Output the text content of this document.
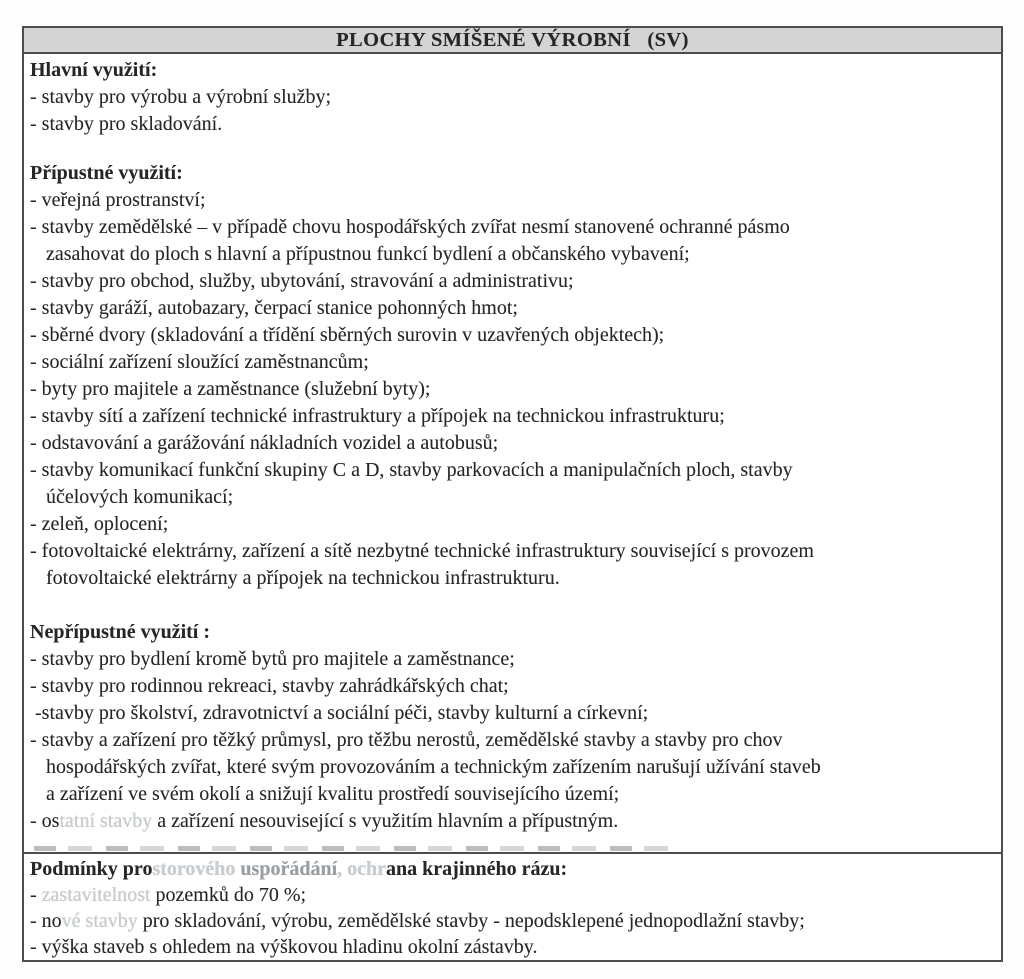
PLOCHY SMÍŠENÉ VÝROBNÍ   (SV)
Hlavní využití:
- stavby pro výrobu a výrobní služby;
- stavby pro skladování.
Přípustné využití:
- veřejná prostranství;
- stavby zemědělské – v případě chovu hospodářských zvířat nesmí stanovené ochranné pásmo
zasahovat do ploch s hlavní a přípustnou funkcí bydlení a občanského vybavení;
- stavby pro obchod, služby, ubytování, stravování a administrativu;
- stavby garáží, autobazary, čerpací stanice pohonných hmot;
- sběrné dvory (skladování a třídění sběrných surovin v uzavřených objektech);
- sociální zařízení sloužící zaměstnancům;
- byty pro majitele a zaměstnance (služební byty);
- stavby sítí a zařízení technické infrastruktury a přípojek na technickou infrastrukturu;
- odstavování a garážování nákladních vozidel a autobusů;
- stavby komunikací funkční skupiny C a D, stavby parkovacích a manipulačních ploch, stavby
účelových komunikací;
- zeleň, oplocení;
- fotovoltaické elektrárny, zařízení a sítě nezbytné technické infrastruktury související s provozem
fotovoltaické elektrárny a přípojek na technickou infrastrukturu.
Nepřípustné využití :
- stavby pro bydlení kromě bytů pro majitele a zaměstnance;
- stavby pro rodinnou rekreaci, stavby zahrádkářských chat;
-stavby pro školství, zdravotnictví a sociální péči, stavby kulturní a církevní;
- stavby a zařízení pro těžký průmysl, pro těžbu nerostů, zemědělské stavby a stavby pro chov
hospodářských zvířat, které svým provozováním a technickým zařízením narušují užívání staveb
a zařízení ve svém okolí a snižují kvalitu prostředí souvisejícího území;
- ostatní stavby a zařízení nesouvisející s využitím hlavním a přípustným.
Podmínky prostorového uspořádání, ochrana krajinného rázu:
- zastavitelnost pozemků do 70 %;
- nové stavby pro skladování, výrobu, zemědělské stavby - nepodsklepené jednopodlažní stavby;
- výška staveb s ohledem na výškovou hladinu okolní zástavby.
